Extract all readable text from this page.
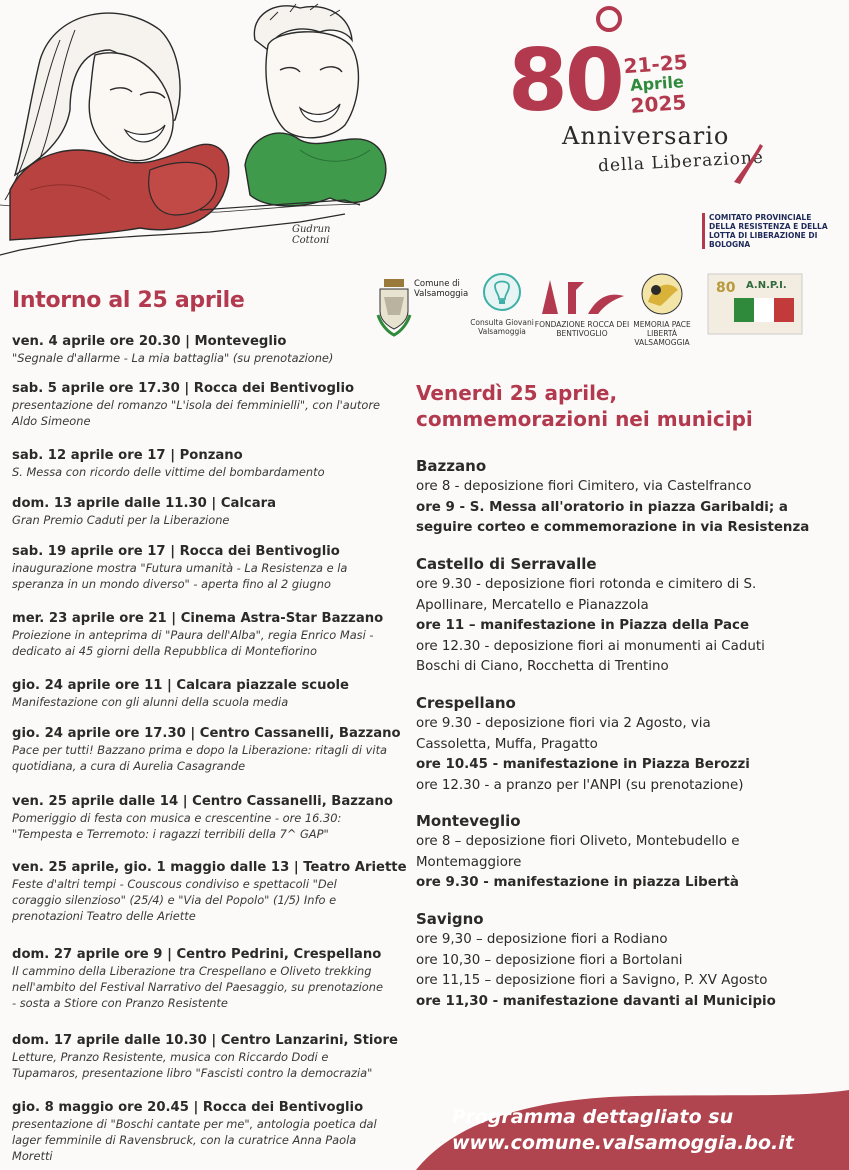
Gudrun
Cottoni
80 21-25
Aprile
2025
Anniversario
della Liberazione
COMITATO PROVINCIALE DELLA RESISTENZA E DELLA LOTTA DI LIBERAZIONE DI BOLOGNA
Comune di Valsamoggia
Consulta Giovani Valsamoggia
FONDAZIONE ROCCA DEI BENTIVOGLIO
MEMORIA PACE LIBERTÀ VALSAMOGGIA
80 A.N.P.I.
Intorno al 25 aprile
ven. 4 aprile ore 20.30 | Monteveglio
"Segnale d'allarme - La mia battaglia" (su prenotazione)
sab. 5 aprile ore 17.30 | Rocca dei Bentivoglio
presentazione del romanzo "L'isola dei femminielli", con l'autore Aldo Simeone
sab. 12 aprile ore 17 | Ponzano
S. Messa con ricordo delle vittime del bombardamento
dom. 13 aprile dalle 11.30 | Calcara
Gran Premio Caduti per la Liberazione
sab. 19 aprile ore 17 | Rocca dei Bentivoglio
inaugurazione mostra "Futura umanità - La Resistenza e la speranza in un mondo diverso" - aperta fino al 2 giugno
mer. 23 aprile ore 21 | Cinema Astra-Star Bazzano
Proiezione in anteprima di "Paura dell'Alba", regia Enrico Masi - dedicato ai 45 giorni della Repubblica di Montefiorino
gio. 24 aprile ore 11 | Calcara piazzale scuole
Manifestazione con gli alunni della scuola media
gio. 24 aprile ore 17.30 | Centro Cassanelli, Bazzano
Pace per tutti! Bazzano prima e dopo la Liberazione: ritagli di vita quotidiana, a cura di Aurelia Casagrande
ven. 25 aprile dalle 14 | Centro Cassanelli, Bazzano
Pomeriggio di festa con musica e crescentine - ore 16.30: "Tempesta e Terremoto: i ragazzi terribili della 7^ GAP"
ven. 25 aprile, gio. 1 maggio dalle 13 | Teatro Ariette
Feste d'altri tempi - Couscous condiviso e spettacoli "Del coraggio silenzioso" (25/4) e "Via del Popolo" (1/5) Info e prenotazioni Teatro delle Ariette
dom. 27 aprile ore 9 | Centro Pedrini, Crespellano
Il cammino della Liberazione tra Crespellano e Oliveto trekking nell'ambito del Festival Narrativo del Paesaggio, su prenotazione - sosta a Stiore con Pranzo Resistente
dom. 17 aprile dalle 10.30 | Centro Lanzarini, Stiore
Letture, Pranzo Resistente, musica con Riccardo Dodi e Tupamaros, presentazione libro "Fascisti contro la democrazia"
gio. 8 maggio ore 20.45 | Rocca dei Bentivoglio
presentazione di "Boschi cantate per me", antologia poetica dal lager femminile di Ravensbruck, con la curatrice Anna Paola Moretti
Venerdì 25 aprile,
commemorazioni nei municipi
Bazzano
ore 8 - deposizione fiori Cimitero, via Castelfranco
ore 9 - S. Messa all'oratorio in piazza Garibaldi; a
seguire corteo e commemorazione in via Resistenza
Castello di Serravalle
ore 9.30 - deposizione fiori rotonda e cimitero di S.
Apollinare, Mercatello e Pianazzola
ore 11 – manifestazione in Piazza della Pace
ore 12.30 - deposizione fiori ai monumenti ai Caduti
Boschi di Ciano, Rocchetta di Trentino
Crespellano
ore 9.30 - deposizione fiori via 2 Agosto, via
Cassoletta, Muffa, Pragatto
ore 10.45 - manifestazione in Piazza Berozzi
ore 12.30 - a pranzo per l'ANPI (su prenotazione)
Monteveglio
ore 8 – deposizione fiori Oliveto, Montebudello e
Montemaggiore
ore 9.30 - manifestazione in piazza Libertà
Savigno
ore 9,30 – deposizione fiori a Rodiano
ore 10,30 – deposizione fiori a Bortolani
ore 11,15 – deposizione fiori a Savigno, P. XV Agosto
ore 11,30 - manifestazione davanti al Municipio
Programma dettagliato su
www.comune.valsamoggia.bo.it
